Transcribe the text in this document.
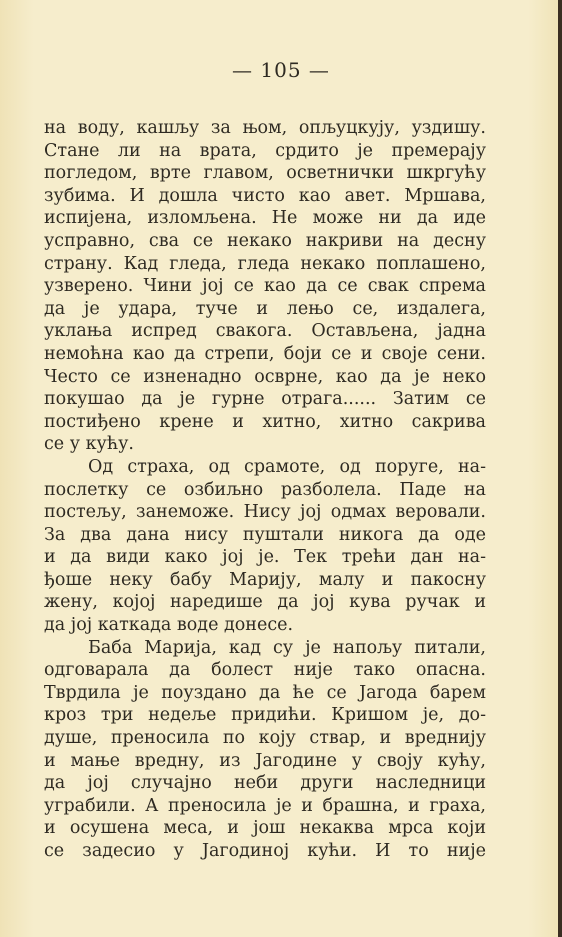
— 105 —
на воду, кашљу за њом, опљуцкују, уздишу.
Стане ли на врата, срдито је премерају
погледом, врте главом, осветнички шкргућу
зубима. И дошла чисто као авет. Мршава,
испијена, изломљена. Не може ни да иде
усправно, сва се некако накриви на десну
страну. Кад гледа, гледа некако поплашено,
узверено. Чини јој се као да се свак спрема
да је удара, туче и лењо се, издалега,
уклања испред свакога. Остављена, јадна
немоћна као да стрепи, боји се и своје сени.
Често се изненадно осврне, као да је неко
покушао да је гурне отрага...... Затим се
постиђено крене и хитно, хитно сакрива
се у кућу.
Од страха, од срамоте, од поруге, на-
послетку се озбиљно разболела. Паде на
постељу, занеможе. Нису јој одмах веровали.
За два дана нису пуштали никога да оде
и да види како јој је. Тек трећи дан на-
ђоше неку бабу Марију, малу и пакосну
жену, којој наредише да јој кува ручак и
да јој каткада воде донесе.
Баба Марија, кад су је напољу питали,
одговарала да болест није тако опасна.
Тврдила је поуздано да ће се Јагода барем
кроз три недеље придићи. Кришом је, до-
душе, преносила по коју ствар, и вреднију
и мање вредну, из Јагодине у своју кућу,
да јој случајно неби други наследници
уграбили. А преносила је и брашна, и граха,
и осушена меса, и још некаква мрса који
се задесио у Јагодиној кући. И то није
